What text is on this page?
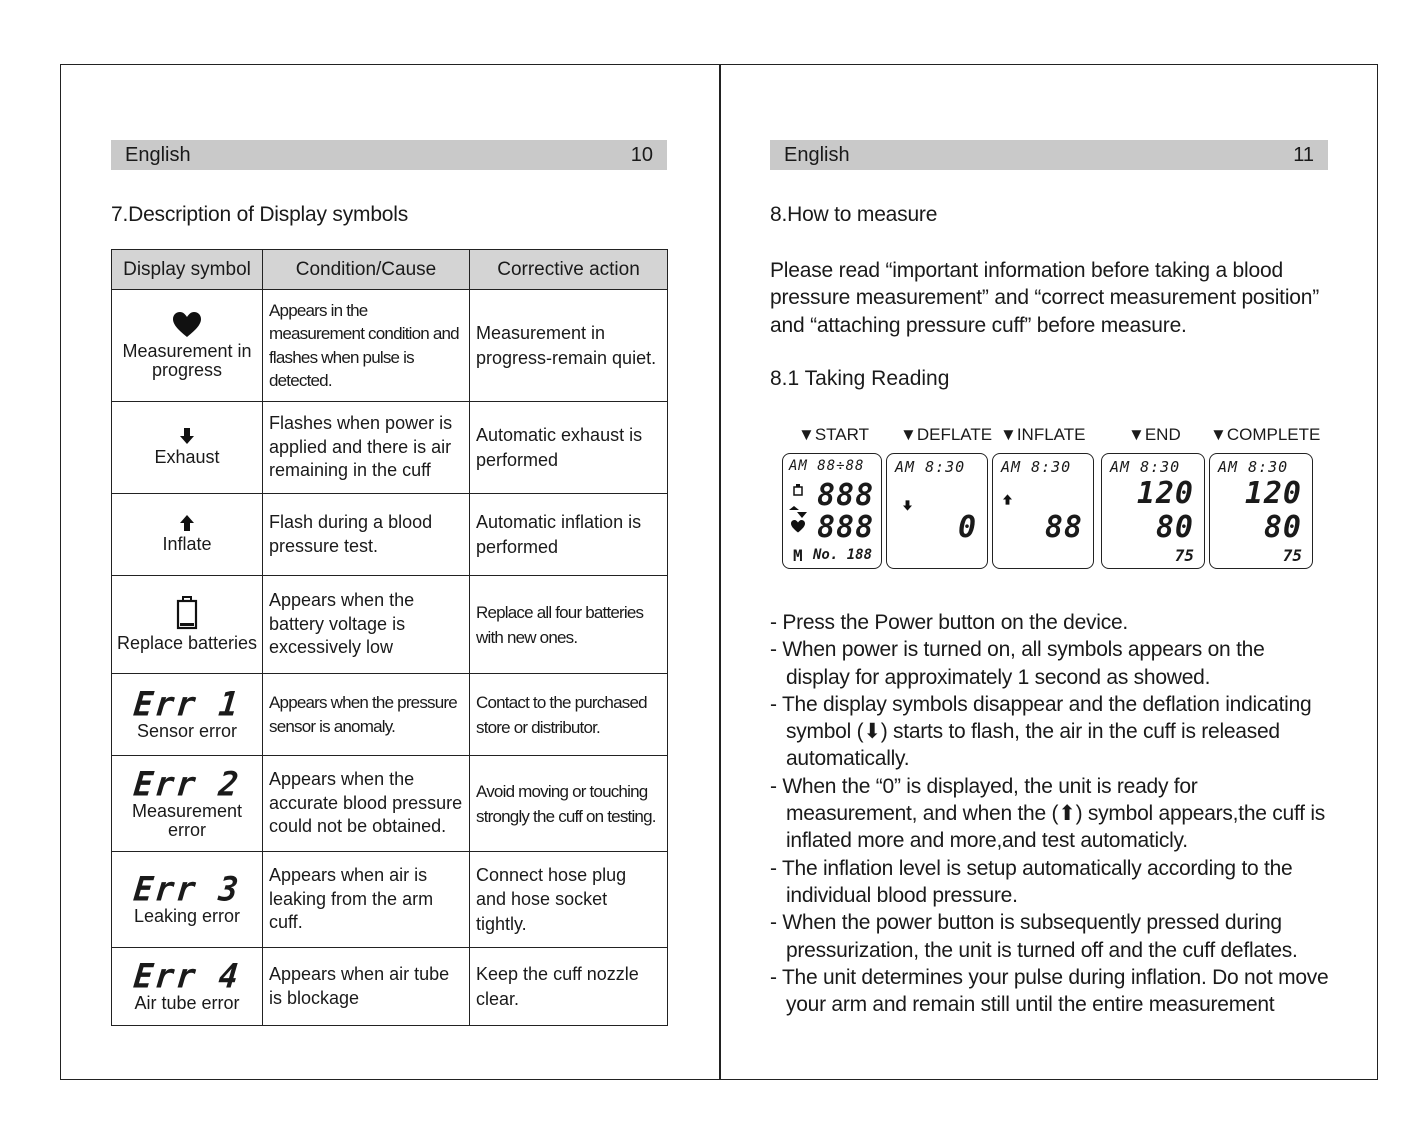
English	10
7.Description of Display symbols
Display symbol	Condition/Cause	Corrective action

Measurement in progress	Appears in the measurement condition and flashes when pulse is detected.	Measurement in progress-remain quiet.

Exhaust	Flashes when power is applied and there is air remaining in the cuff	Automatic exhaust is performed

Inflate	Flash during a blood pressure test.	Automatic inflation is performed

Replace batteries	Appears when the battery voltage is excessively low	Replace all four batteries with new ones.

Err 1
Sensor error	Appears when the pressure sensor is anomaly.	Contact to the purchased store or distributor.

Err 2
Measurement error	Appears when the accurate blood pressure could not be obtained.	Avoid moving or touching strongly the cuff on testing.

Err 3
Leaking error	Appears when air is leaking from the arm cuff.	Connect hose plug and hose socket tightly.

Err 4
Air tube error	Appears when air tube is blockage	Keep the cuff nozzle clear.
English	11
8.How to measure

Please read “important information before taking a blood pressure measurement” and “correct measurement position” and “attaching pressure cuff” before measure.

8.1 Taking Reading
▼START ▼DEFLATE ▼INFLATE	▼END ▼COMPLETE
AM 88÷88
888
888
M No. 188
AM 8:30
0
AM 8:30
88
AM 8:30
120
80
75
AM 8:30
120
80
75
- Press the Power button on the device.
- When power is turned on, all symbols appears on the display for approximately 1 second as showed.
- The display symbols disappear and the deflation indicating symbol (⬇) starts to flash, the air in the cuff is released automatically.
- When the “0” is displayed, the unit is ready for measurement, and when the (⬆) symbol appears,the cuff is inflated more and more,and test automaticly.
- The inflation level is setup automatically according to the individual blood pressure.
- When the power button is subsequently pressed during pressurization, the unit is turned off and the cuff deflates.
- The unit determines your pulse during inflation. Do not move your arm and remain still until the entire measurement
